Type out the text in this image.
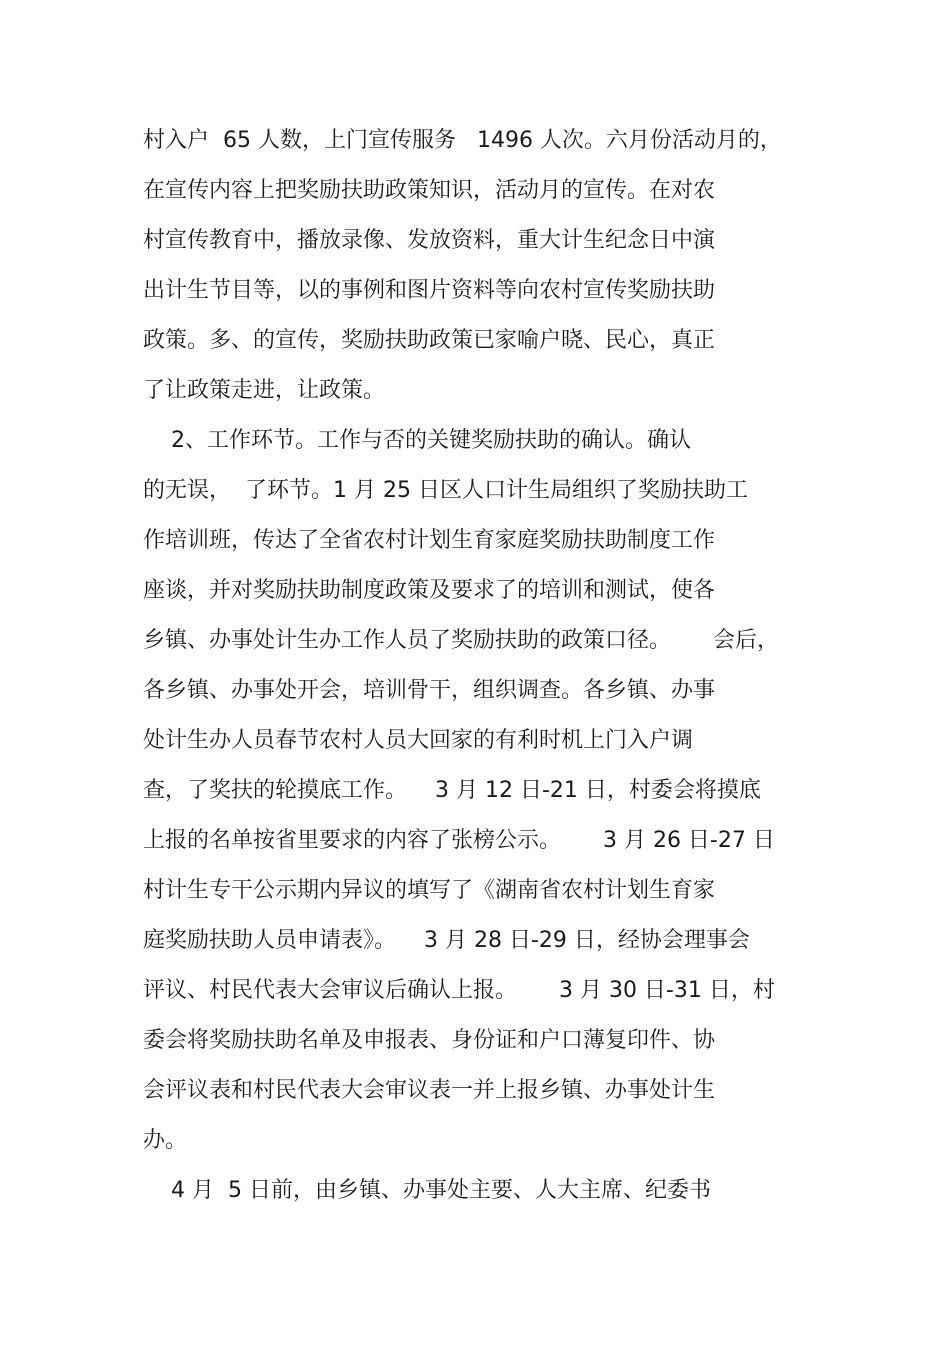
村入户  65 人数，上门宣传服务   1496 人次。六月份活动月的，

在宣传内容上把奖励扶助政策知识，活动月的宣传。在对农

村宣传教育中，播放录像、发放资料，重大计生纪念日中演

出计生节目等，以的事例和图片资料等向农村宣传奖励扶助

政策。多、的宣传，奖励扶助政策已家喻户晓、民心，真正

了让政策走进，让政策。

2、工作环节。工作与否的关键奖励扶助的确认。确认

的无误，  了环节。1 月 25 日区人口计生局组织了奖励扶助工

作培训班，传达了全省农村计划生育家庭奖励扶助制度工作

座谈，并对奖励扶助制度政策及要求了的培训和测试，使各

乡镇、办事处计生办工作人员了奖励扶助的政策口径。      会后，

各乡镇、办事处开会，培训骨干，组织调查。各乡镇、办事

处计生办人员春节农村人员大回家的有利时机上门入户调

查，了奖扶的轮摸底工作。    3 月 12 日-21 日，村委会将摸底

上报的名单按省里要求的内容了张榜公示。      3 月 26 日-27 日

村计生专干公示期内异议的填写了《湖南省农村计划生育家

庭奖励扶助人员申请表》。    3 月 28 日-29 日，经协会理事会

评议、村民代表大会审议后确认上报。      3 月 30 日-31 日，村

委会将奖励扶助名单及申报表、身份证和户口薄复印件、协

会评议表和村民代表大会审议表一并上报乡镇、办事处计生

办。

4 月  5 日前，由乡镇、办事处主要、人大主席、纪委书
